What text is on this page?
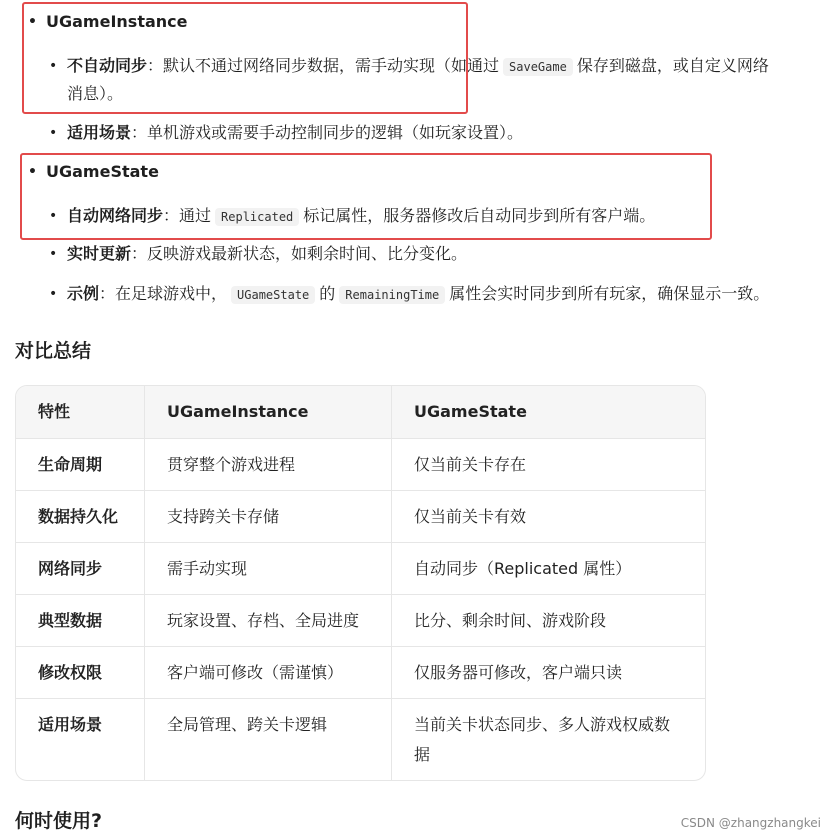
• UGameInstance
• 不自动同步：默认不通过网络同步数据，需手动实现（如通过 SaveGame 保存到磁盘，或自定义网络
消息）。
• 适用场景：单机游戏或需要手动控制同步的逻辑（如玩家设置）。
• UGameState
• 自动网络同步：通过 Replicated 标记属性，服务器修改后自动同步到所有客户端。
• 实时更新：反映游戏最新状态，如剩余时间、比分变化。
• 示例：在足球游戏中， UGameState 的 RemainingTime 属性会实时同步到所有玩家，确保显示一致。
对比总结
特性	UGameInstance	UGameState
生命周期	贯穿整个游戏进程	仅当前关卡存在
数据持久化	支持跨关卡存储	仅当前关卡有效
网络同步	需手动实现	自动同步（Replicated 属性）
典型数据	玩家设置、存档、全局进度	比分、剩余时间、游戏阶段
修改权限	客户端可修改（需谨慎）	仅服务器可修改，客户端只读
适用场景	全局管理、跨关卡逻辑	当前关卡状态同步、多人游戏权威数据
何时使用?	CSDN @zhangzhangkei
